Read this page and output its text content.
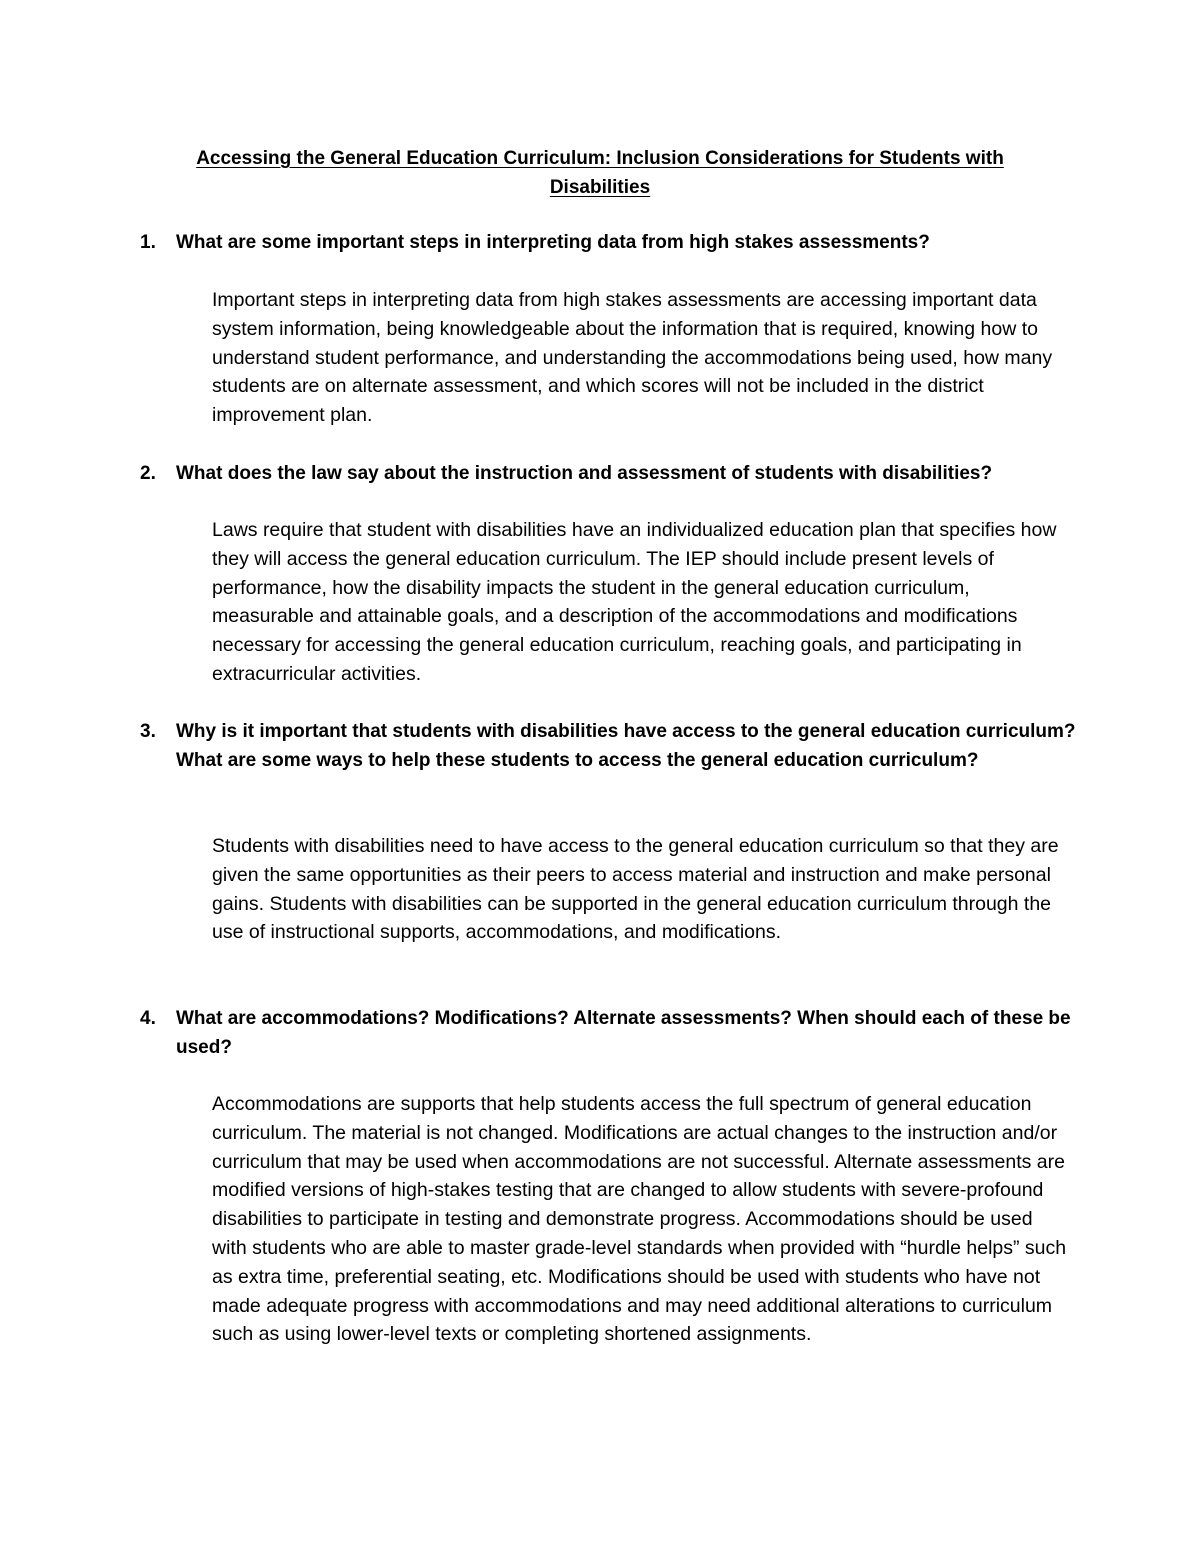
Accessing the General Education Curriculum: Inclusion Considerations for Students with Disabilities
1.	What are some important steps in interpreting data from high stakes assessments?

Important steps in interpreting data from high stakes assessments are accessing important data system information, being knowledgeable about the information that is required, knowing how to understand student performance, and understanding the accommodations being used, how many students are on alternate assessment, and which scores will not be included in the district improvement plan.

2.	What does the law say about the instruction and assessment of students with disabilities?

Laws require that student with disabilities have an individualized education plan that specifies how they will access the general education curriculum. The IEP should include present levels of performance, how the disability impacts the student in the general education curriculum, measurable and attainable goals, and a description of the accommodations and modifications necessary for accessing the general education curriculum, reaching goals, and participating in extracurricular activities.

3.	Why is it important that students with disabilities have access to the general education curriculum? What are some ways to help these students to access the general education curriculum?

Students with disabilities need to have access to the general education curriculum so that they are given the same opportunities as their peers to access material and instruction and make personal gains. Students with disabilities can be supported in the general education curriculum through the use of instructional supports, accommodations, and modifications.

4.	What are accommodations? Modifications? Alternate assessments? When should each of these be used?

Accommodations are supports that help students access the full spectrum of general education curriculum. The material is not changed. Modifications are actual changes to the instruction and/or curriculum that may be used when accommodations are not successful. Alternate assessments are modified versions of high-stakes testing that are changed to allow students with severe-profound disabilities to participate in testing and demonstrate progress. Accommodations should be used with students who are able to master grade-level standards when provided with “hurdle helps” such as extra time, preferential seating, etc. Modifications should be used with students who have not made adequate progress with accommodations and may need additional alterations to curriculum such as using lower-level texts or completing shortened assignments.
